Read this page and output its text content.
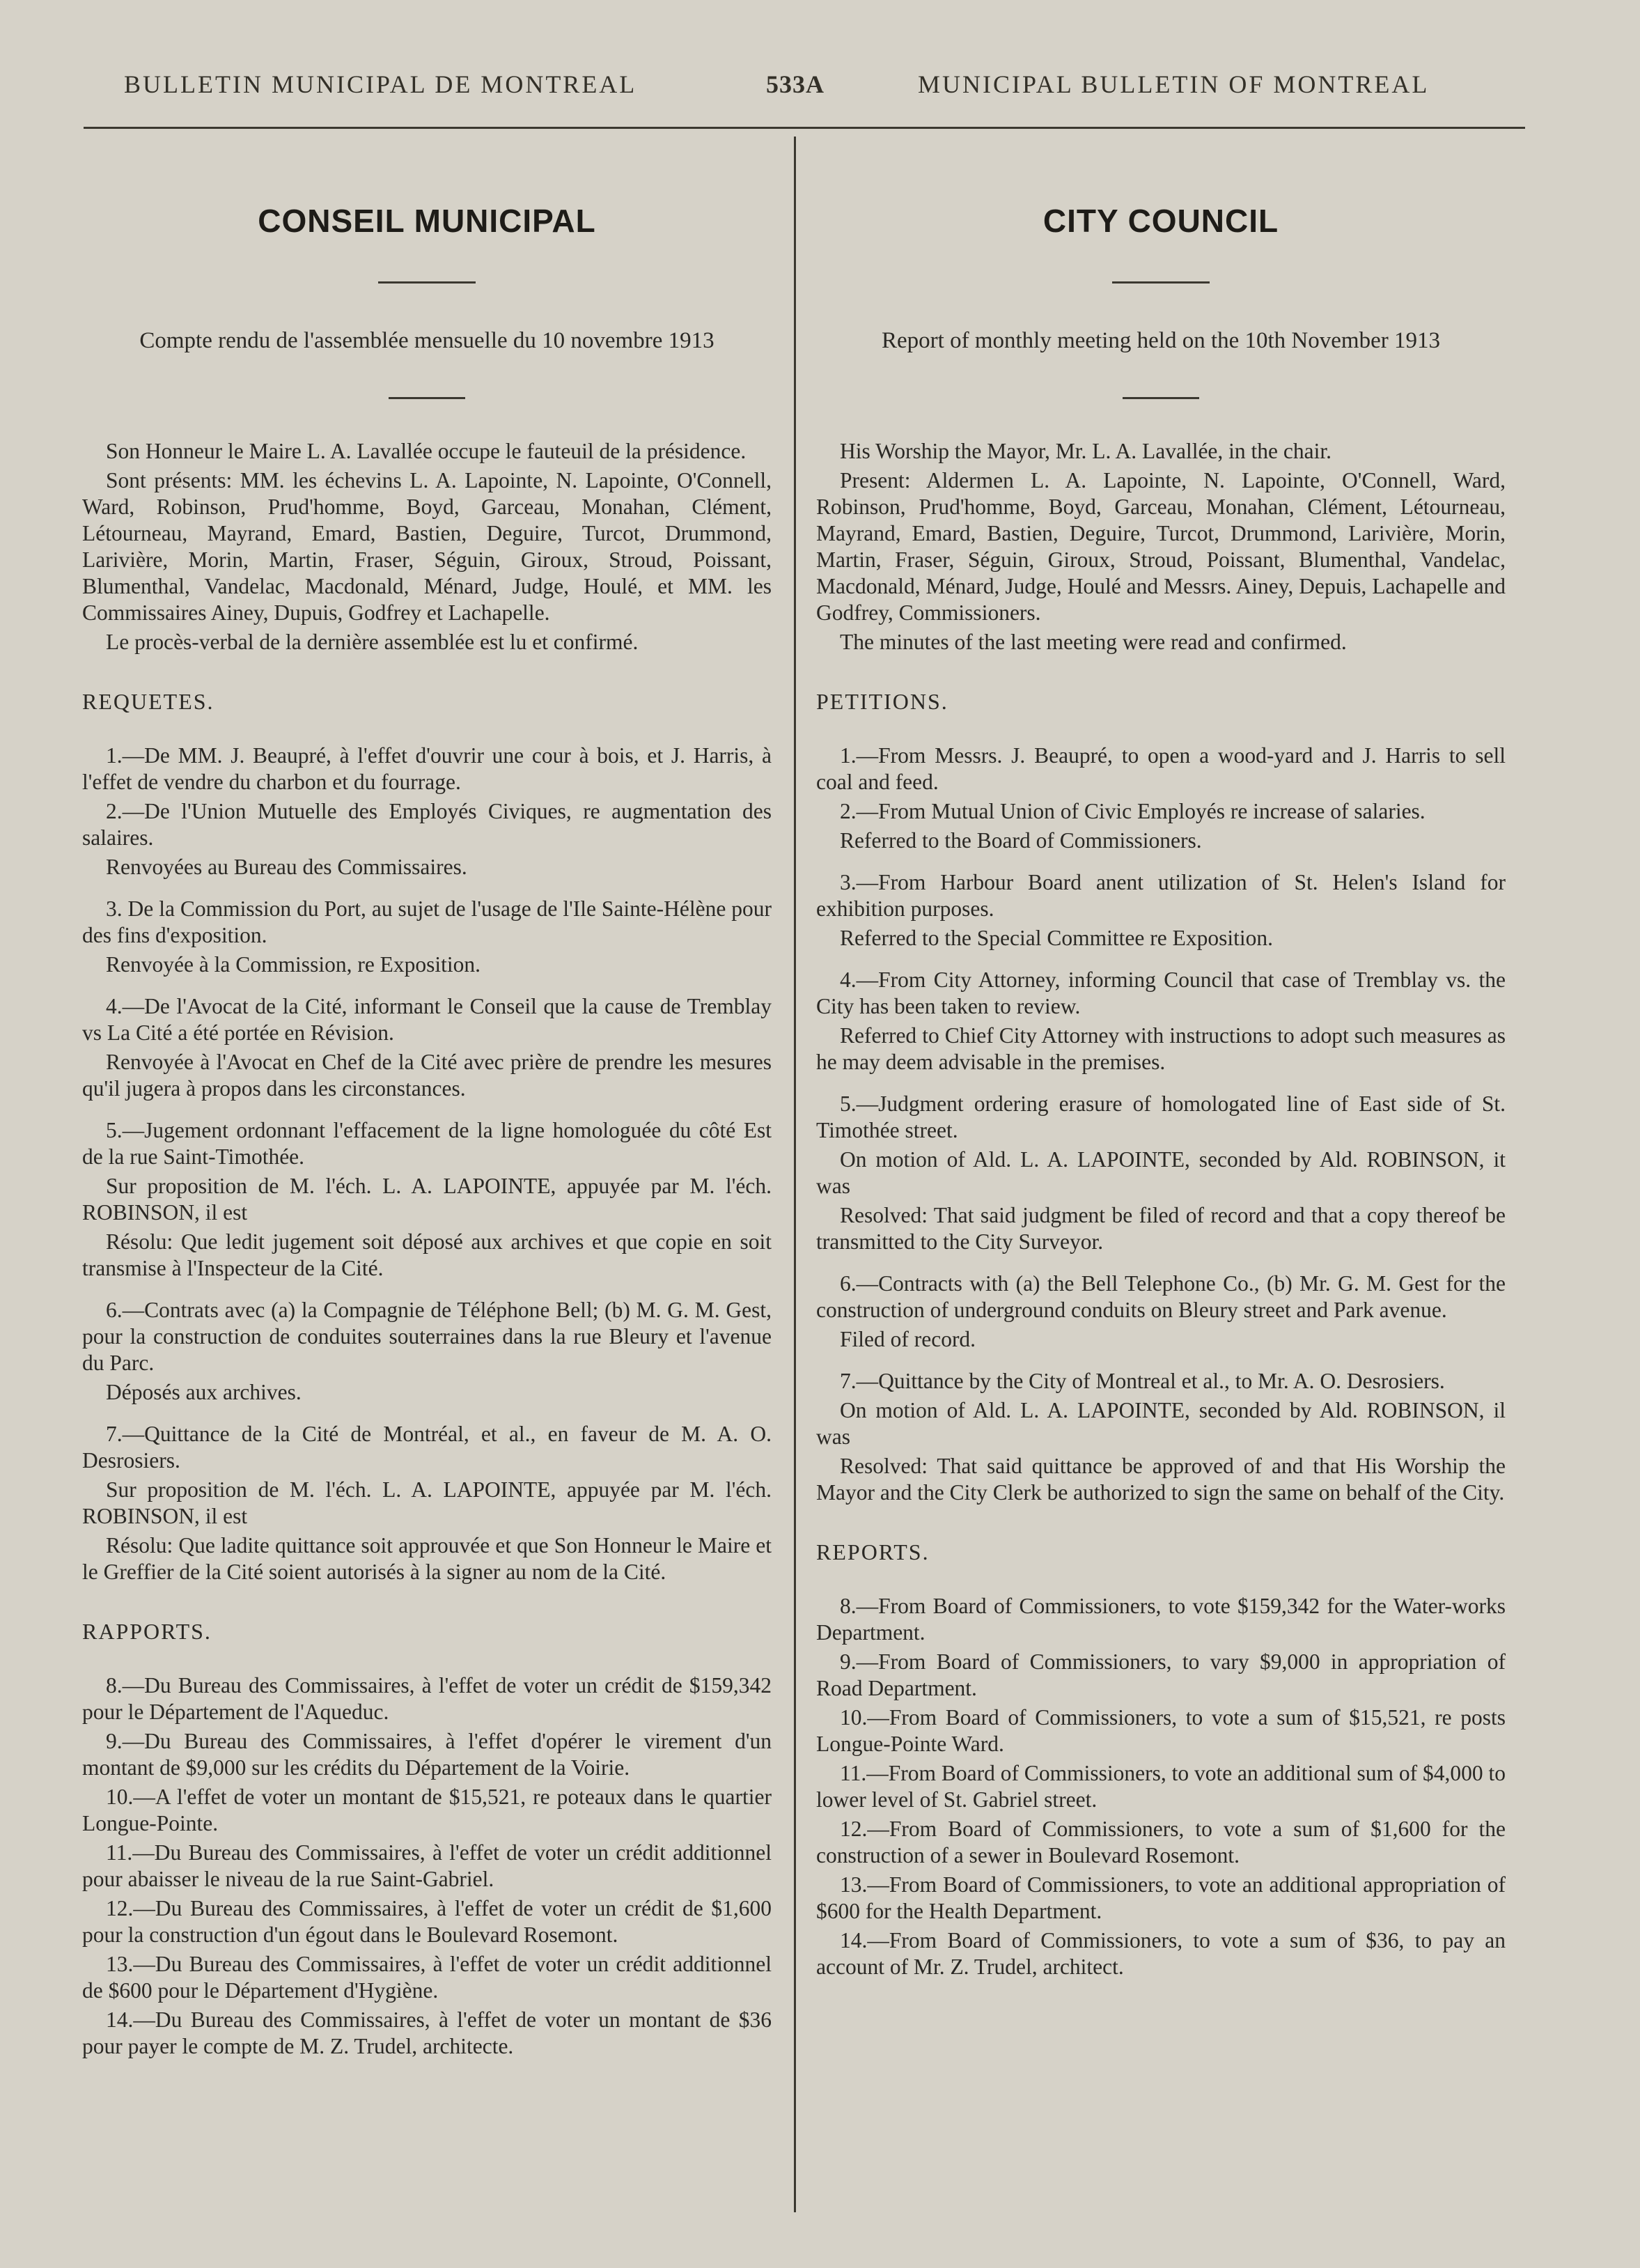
BULLETIN MUNICIPAL DE MONTREAL	533A	MUNICIPAL BULLETIN OF MONTREAL
CONSEIL MUNICIPAL

Compte rendu de l'assemblée mensuelle du 10 novembre 1913

Son Honneur le Maire L. A. Lavallée occupe le fauteuil de la présidence.

Sont présents: MM. les échevins L. A. Lapointe, N. Lapointe, O'Connell, Ward, Robinson, Prud'homme, Boyd, Garceau, Monahan, Clément, Létourneau, Mayrand, Emard, Bastien, Deguire, Turcot, Drummond, Larivière, Morin, Martin, Fraser, Séguin, Giroux, Stroud, Poissant, Blumenthal, Vandelac, Macdonald, Ménard, Judge, Houlé, et MM. les Commissaires Ainey, Dupuis, Godfrey et Lachapelle.

Le procès-verbal de la dernière assemblée est lu et confirmé.

REQUETES.

1.—De MM. J. Beaupré, à l'effet d'ouvrir une cour à bois, et J. Harris, à l'effet de vendre du charbon et du fourrage.

2.—De l'Union Mutuelle des Employés Civiques, re augmentation des salaires.

Renvoyées au Bureau des Commissaires.

3. De la Commission du Port, au sujet de l'usage de l'Ile Sainte-Hélène pour des fins d'exposition.

Renvoyée à la Commission, re Exposition.

4.—De l'Avocat de la Cité, informant le Conseil que la cause de Tremblay vs La Cité a été portée en Révision.

Renvoyée à l'Avocat en Chef de la Cité avec prière de prendre les mesures qu'il jugera à propos dans les circonstances.

5.—Jugement ordonnant l'effacement de la ligne homologuée du côté Est de la rue Saint-Timothée.

Sur proposition de M. l'éch. L. A. LAPOINTE, appuyée par M. l'éch. ROBINSON, il est

Résolu: Que ledit jugement soit déposé aux archives et que copie en soit transmise à l'Inspecteur de la Cité.

6.—Contrats avec (a) la Compagnie de Téléphone Bell; (b) M. G. M. Gest, pour la construction de conduites souterraines dans la rue Bleury et l'avenue du Parc.

Déposés aux archives.

7.—Quittance de la Cité de Montréal, et al., en faveur de M. A. O. Desrosiers.

Sur proposition de M. l'éch. L. A. LAPOINTE, appuyée par M. l'éch. ROBINSON, il est

Résolu: Que ladite quittance soit approuvée et que Son Honneur le Maire et le Greffier de la Cité soient autorisés à la signer au nom de la Cité.

RAPPORTS.

8.—Du Bureau des Commissaires, à l'effet de voter un crédit de $159,342 pour le Département de l'Aqueduc.

9.—Du Bureau des Commissaires, à l'effet d'opérer le virement d'un montant de $9,000 sur les crédits du Département de la Voirie.

10.—A l'effet de voter un montant de $15,521, re poteaux dans le quartier Longue-Pointe.

11.—Du Bureau des Commissaires, à l'effet de voter un crédit additionnel pour abaisser le niveau de la rue Saint-Gabriel.

12.—Du Bureau des Commissaires, à l'effet de voter un crédit de $1,600 pour la construction d'un égout dans le Boulevard Rosemont.

13.—Du Bureau des Commissaires, à l'effet de voter un crédit additionnel de $600 pour le Département d'Hygiène.

14.—Du Bureau des Commissaires, à l'effet de voter un montant de $36 pour payer le compte de M. Z. Trudel, architecte.

CITY COUNCIL

Report of monthly meeting held on the 10th November 1913

His Worship the Mayor, Mr. L. A. Lavallée, in the chair.

Present: Aldermen L. A. Lapointe, N. Lapointe, O'Connell, Ward, Robinson, Prud'homme, Boyd, Garceau, Monahan, Clément, Létourneau, Mayrand, Emard, Bastien, Deguire, Turcot, Drummond, Larivière, Morin, Martin, Fraser, Séguin, Giroux, Stroud, Poissant, Blumenthal, Vandelac, Macdonald, Ménard, Judge, Houlé and Messrs. Ainey, Depuis, Lachapelle and Godfrey, Commissioners.

The minutes of the last meeting were read and confirmed.

PETITIONS.

1.—From Messrs. J. Beaupré, to open a wood-yard and J. Harris to sell coal and feed.

2.—From Mutual Union of Civic Employés re increase of salaries.

Referred to the Board of Commissioners.

3.—From Harbour Board anent utilization of St. Helen's Island for exhibition purposes.

Referred to the Special Committee re Exposition.

4.—From City Attorney, informing Council that case of Tremblay vs. the City has been taken to review.

Referred to Chief City Attorney with instructions to adopt such measures as he may deem advisable in the premises.

5.—Judgment ordering erasure of homologated line of East side of St. Timothée street.

On motion of Ald. L. A. LAPOINTE, seconded by Ald. ROBINSON, it was

Resolved: That said judgment be filed of record and that a copy thereof be transmitted to the City Surveyor.

6.—Contracts with (a) the Bell Telephone Co., (b) Mr. G. M. Gest for the construction of underground conduits on Bleury street and Park avenue.

Filed of record.

7.—Quittance by the City of Montreal et al., to Mr. A. O. Desrosiers.

On motion of Ald. L. A. LAPOINTE, seconded by Ald. ROBINSON, il was

Resolved: That said quittance be approved of and that His Worship the Mayor and the City Clerk be authorized to sign the same on behalf of the City.

REPORTS.

8.—From Board of Commissioners, to vote $159,342 for the Water-works Department.

9.—From Board of Commissioners, to vary $9,000 in appropriation of Road Department.

10.—From Board of Commissioners, to vote a sum of $15,521, re posts Longue-Pointe Ward.

11.—From Board of Commissioners, to vote an additional sum of $4,000 to lower level of St. Gabriel street.

12.—From Board of Commissioners, to vote a sum of $1,600 for the construction of a sewer in Boulevard Rosemont.

13.—From Board of Commissioners, to vote an additional appropriation of $600 for the Health Department.

14.—From Board of Commissioners, to vote a sum of $36, to pay an account of Mr. Z. Trudel, architect.
